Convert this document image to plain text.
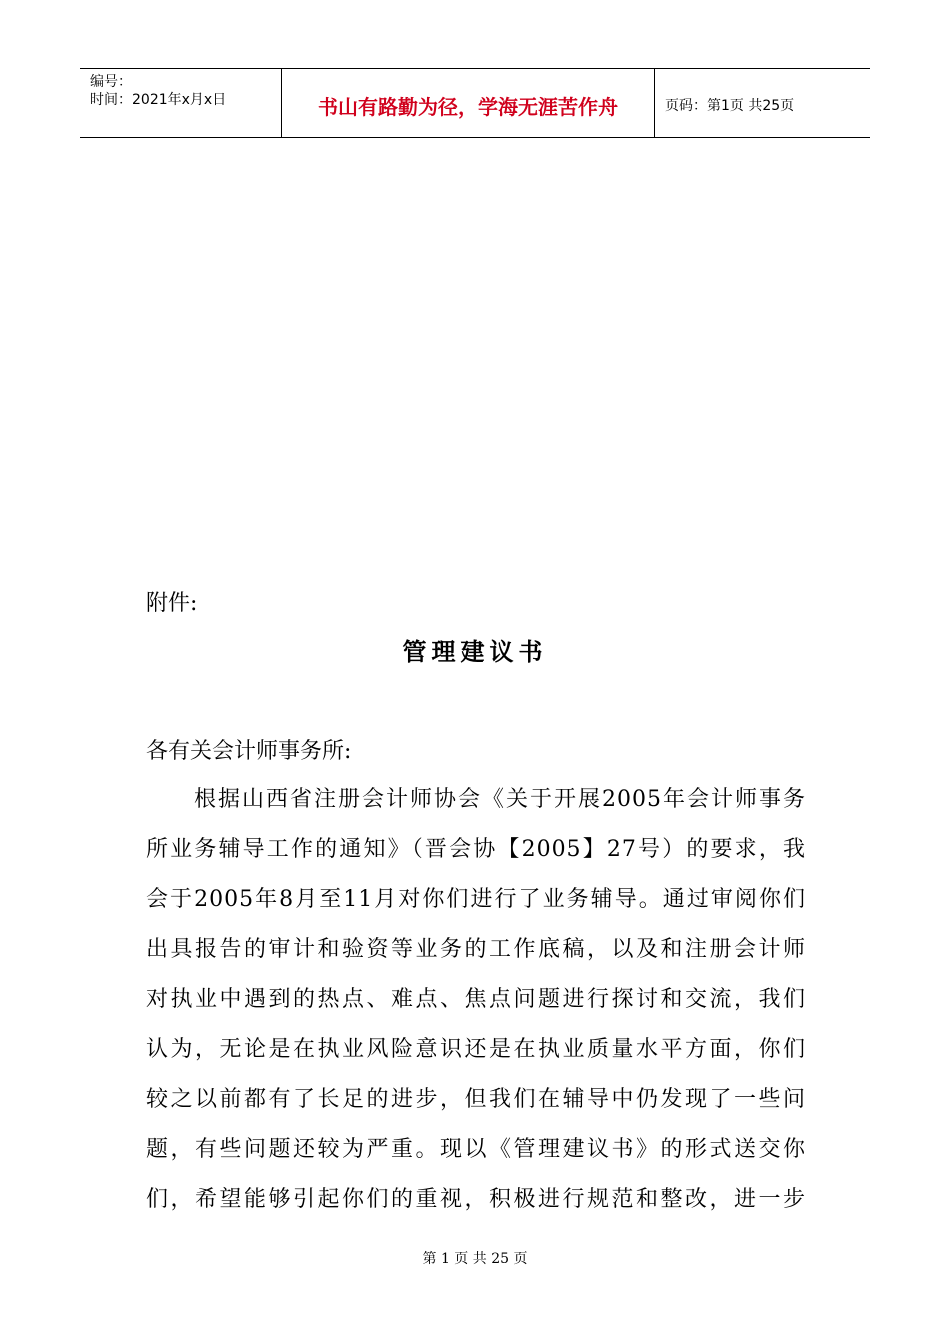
编号：
时间：2021年x月x日	书山有路勤为径，学海无涯苦作舟	页码：第1页 共25页
附件:
管理建议书
各有关会计师事务所:
　　根据山西省注册会计师协会《关于开展2005年会计师事务
所业务辅导工作的通知》（晋会协【2005】27号）的要求，我
会于2005年8月至11月对你们进行了业务辅导。通过审阅你们
出具报告的审计和验资等业务的工作底稿，以及和注册会计师
对执业中遇到的热点、难点、焦点问题进行探讨和交流，我们
认为，无论是在执业风险意识还是在执业质量水平方面，你们
较之以前都有了长足的进步，但我们在辅导中仍发现了一些问
题，有些问题还较为严重。现以《管理建议书》的形式送交你
们，希望能够引起你们的重视，积极进行规范和整改，进一步
第 1 页 共 25 页
